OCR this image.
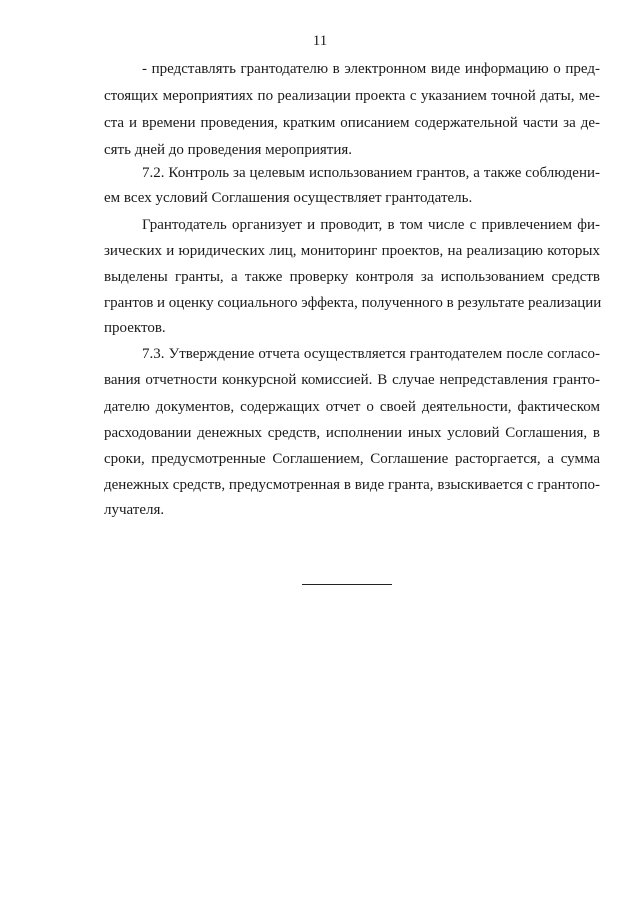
11
- представлять грантодателю в электронном виде информацию о пред-
стоящих мероприятиях по реализации проекта с указанием точной даты, ме-
ста и времени проведения, кратким описанием содержательной части за де-
сять дней до проведения мероприятия.
7.2. Контроль за целевым использованием грантов, а также соблюдени-
ем всех условий Соглашения осуществляет грантодатель.
Грантодатель организует и проводит, в том числе с привлечением фи-
зических и юридических лиц, мониторинг проектов, на реализацию которых
выделены гранты, а также проверку контроля за использованием средств
грантов и оценку социального эффекта, полученного в результате реализации
проектов.
7.3. Утверждение отчета осуществляется грантодателем после согласо-
вания отчетности конкурсной комиссией. В случае непредставления гранто-
дателю документов, содержащих отчет о своей деятельности, фактическом
расходовании денежных средств, исполнении иных условий Соглашения, в
сроки, предусмотренные Соглашением, Соглашение расторгается, а сумма
денежных средств, предусмотренная в виде гранта, взыскивается с грантопо-
лучателя.
